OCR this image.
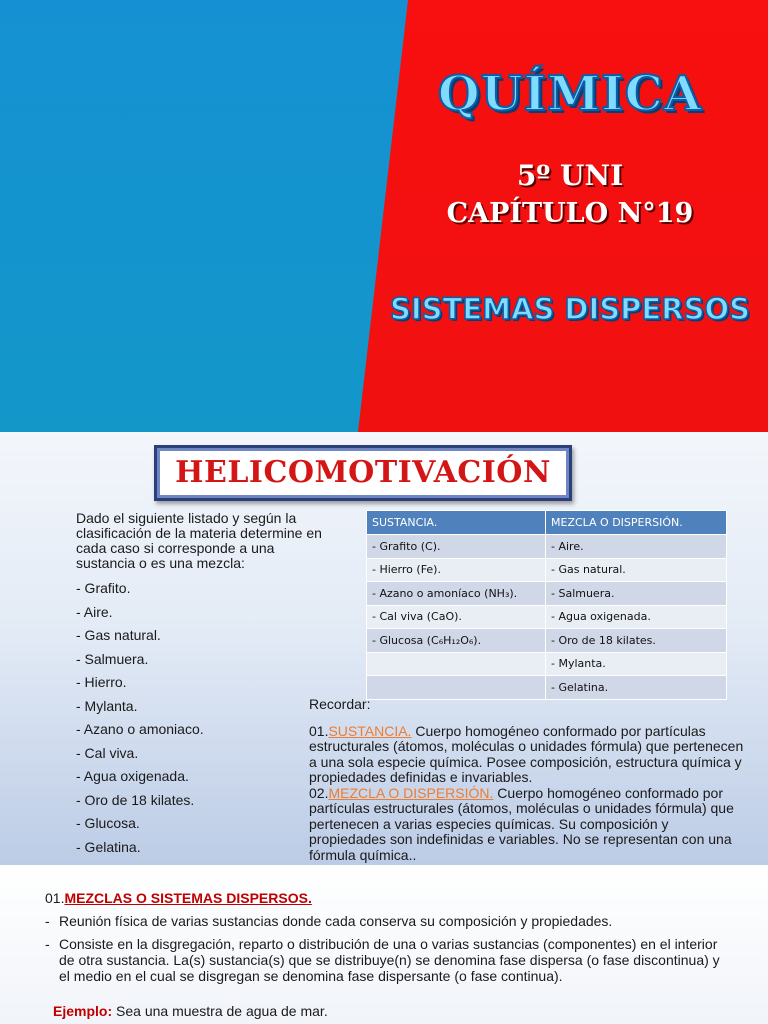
QUÍMICA
5º UNI
CAPÍTULO N°19
SISTEMAS DISPERSOS
HELICOMOTIVACIÓN
Dado el siguiente listado y según la clasificación de la materia determine en cada caso si corresponde a una sustancia o es una mezcla:
- Grafito.
- Aire.
- Gas natural.
- Salmuera.
- Hierro.
- Mylanta.
- Azano o amoniaco.
- Cal viva.
- Agua oxigenada.
- Oro de 18 kilates.
- Glucosa.
- Gelatina.
SUSTANCIA.	MEZCLA O DISPERSIÓN.
- Grafito (C).	- Aire.
- Hierro (Fe).	- Gas natural.
- Azano o amoníaco (NH₃).	- Salmuera.
- Cal viva (CaO).	- Agua oxigenada.
- Glucosa (C₆H₁₂O₆).	- Oro de 18 kilates.
	- Mylanta.
	- Gelatina.

Recordar:

01.SUSTANCIA. Cuerpo homogéneo conformado por partículas estructurales (átomos, moléculas o unidades fórmula) que pertenecen a una sola especie química. Posee composición, estructura química y propiedades definidas e invariables.

02.MEZCLA O DISPERSIÓN. Cuerpo homogéneo conformado por partículas estructurales (átomos, moléculas o unidades fórmula) que pertenecen a varias especies químicas. Su composición y propiedades son indefinidas e variables. No se representan con una fórmula química..

01.MEZCLAS O SISTEMAS DISPERSOS.
- Reunión física de varias sustancias donde cada conserva su composición y propiedades.
- Consiste en la disgregación, reparto o distribución de una o varias sustancias (componentes) en el interior de otra sustancia. La(s) sustancia(s) que se distribuye(n) se denomina fase dispersa (o fase discontinua) y el medio en el cual se disgregan se denomina fase dispersante (o fase continua).
Ejemplo: Sea una muestra de agua de mar.
